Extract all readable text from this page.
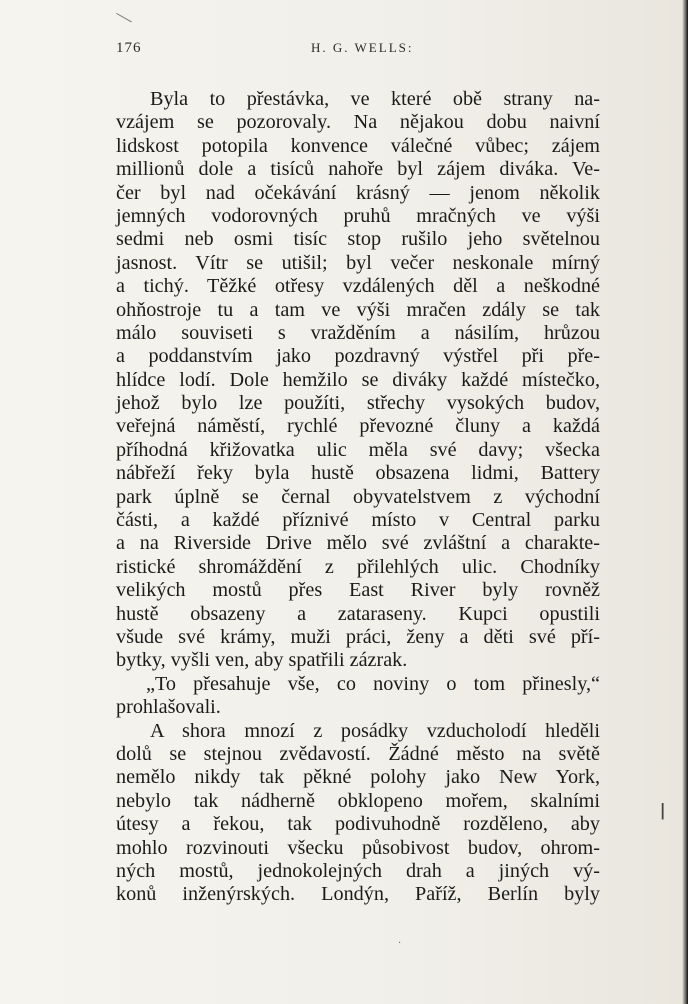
⟍
176	H. G. WELLS:
Byla to přestávka, ve které obě strany na-
vzájem se pozorovaly. Na nějakou dobu naivní
lidskost potopila konvence válečné vůbec; zájem
millionů dole a tisíců nahoře byl zájem diváka. Ve-
čer byl nad očekávání krásný — jenom několik
jemných vodorovných pruhů mračných ve výši
sedmi neb osmi tisíc stop rušilo jeho světelnou
jasnost. Vítr se utišil; byl večer neskonale mírný
a tichý. Těžké otřesy vzdálených děl a neškodné
ohňostroje tu a tam ve výši mračen zdály se tak
málo souviseti s vražděním a násilím, hrůzou
a poddanstvím jako pozdravný výstřel při pře-
hlídce lodí. Dole hemžilo se diváky každé místečko,
jehož bylo lze použíti, střechy vysokých budov,
veřejná náměstí, rychlé převozné čluny a každá
příhodná křižovatka ulic měla své davy; všecka
nábřeží řeky byla hustě obsazena lidmi, Battery
park úplně se černal obyvatelstvem z východní
části, a každé příznivé místo v Central parku
a na Riverside Drive mělo své zvláštní a charakte-
ristické shromáždění z přilehlých ulic. Chodníky
velikých mostů přes East River byly rovněž
hustě obsazeny a zataraseny. Kupci opustili
všude své krámy, muži práci, ženy a děti své pří-
bytky, vyšli ven, aby spatřili zázrak.
„To přesahuje vše, co noviny o tom přinesly,“
prohlašovali.
A shora mnozí z posádky vzducholodí hleděli
dolů se stejnou zvědavostí. Žádné město na světě
nemělo nikdy tak pěkné polohy jako New York,
nebylo tak nádherně obklopeno mořem, skalními
útesy a řekou, tak podivuhodně rozděleno, aby
mohlo rozvinouti všecku působivost budov, ohrom-
ných mostů, jednokolejných drah a jiných vý-
konů inženýrských. Londýn, Paříž, Berlín byly
ǀ
·
